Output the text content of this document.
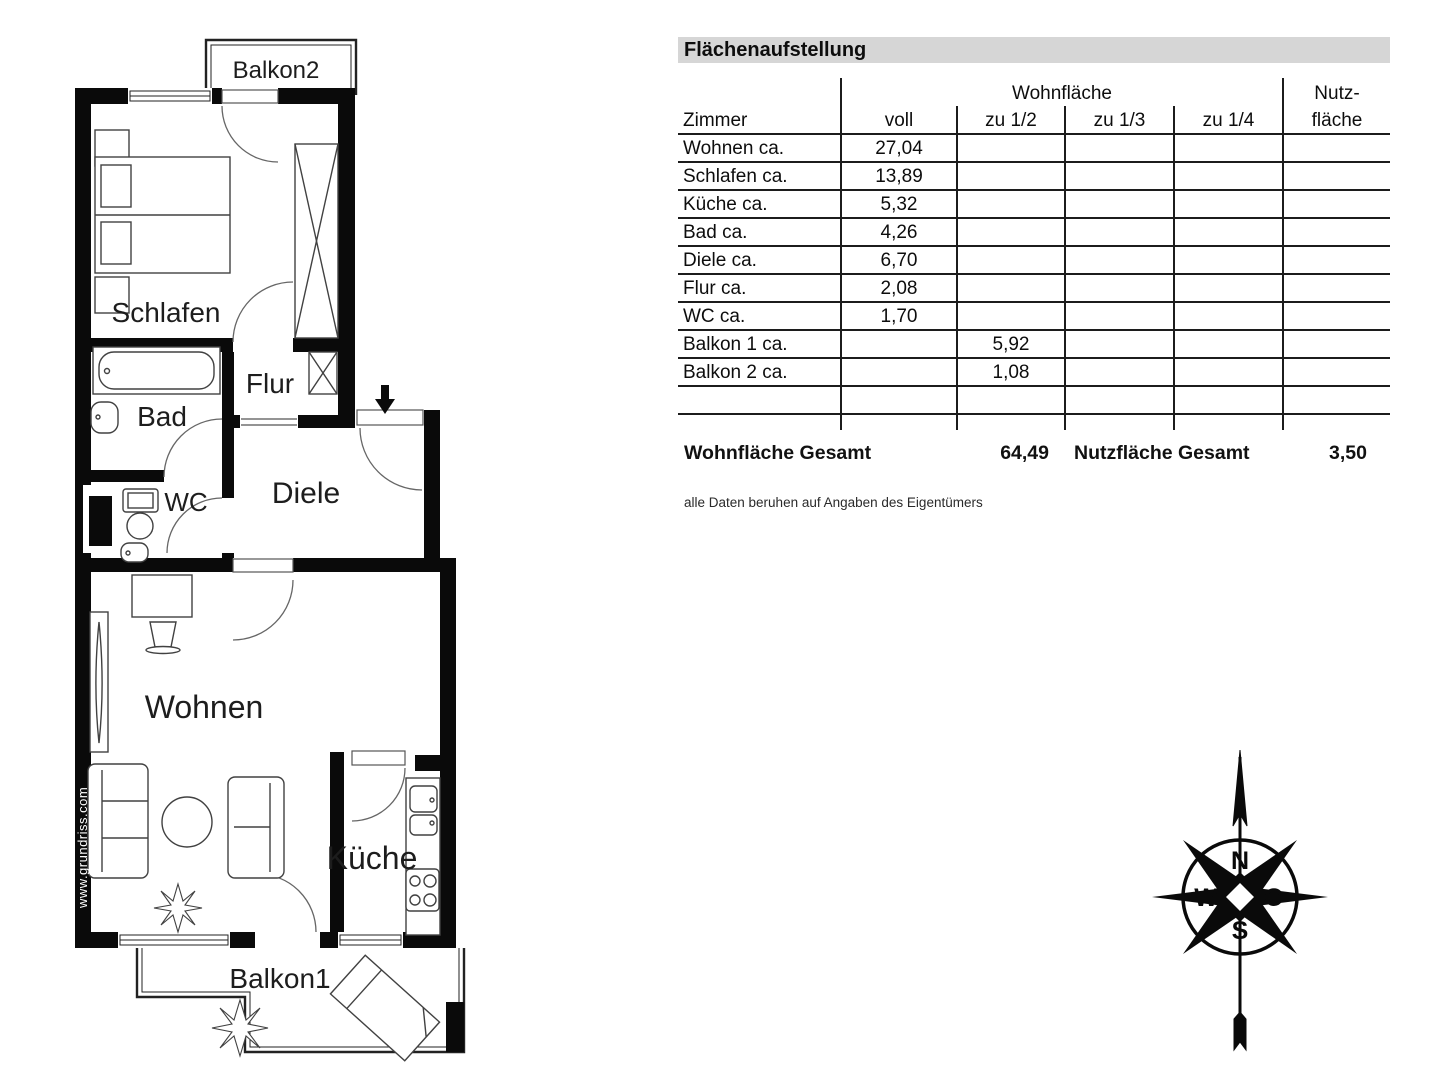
Balkon2
Schlafen
Flur
Bad
WC Diele
Wohnen
Küche
Balkon1
www.grundriss.com
Flächenaufstellung
	Wohnfläche				Nutz-
Zimmer	voll	zu 1/2	zu 1/3	zu 1/4	fläche
Wohnen ca.	27,04				
Schlafen ca.	13,89				
Küche ca.	5,32				
Bad ca.	4,26				
Diele ca.	6,70				
Flur ca.	2,08				
WC ca.	1,70				
Balkon 1 ca.		5,92			
Balkon 2 ca.		1,08			

Wohnfläche Gesamt	64,49 Nutzfläche Gesamt	3,50
alle Daten beruhen auf Angaben des Eigentümers
N
W O
S
